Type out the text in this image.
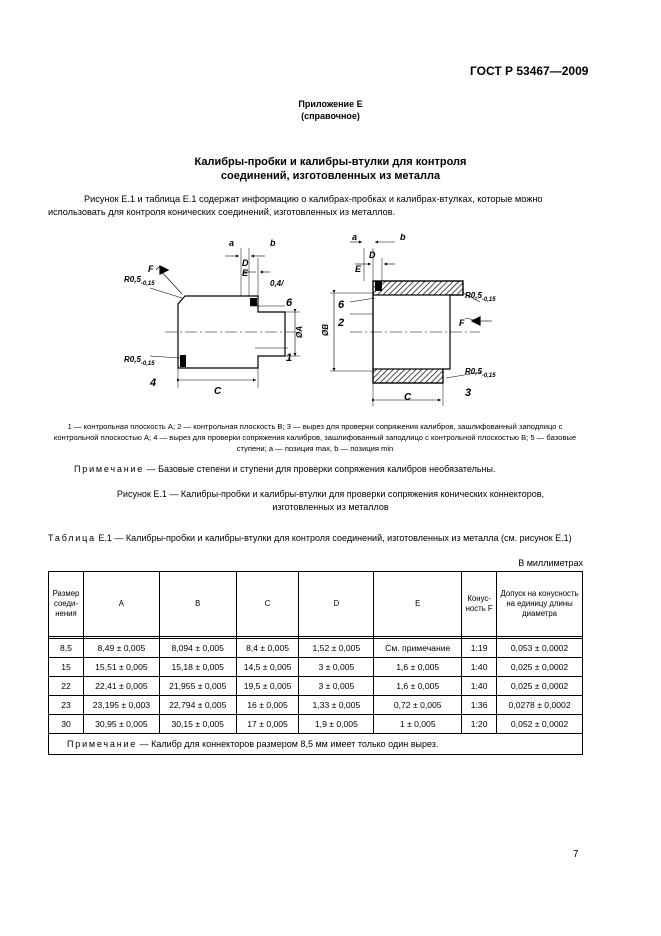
ГОСТ Р 53467—2009
Приложение Е
(справочное)
Калибры-пробки и калибры-втулки для контроля
соединений, изготовленных из металла
Рисунок Е.1 и таблица Е.1 содержат информацию о калибрах-пробках и калибрах-втулках, которые можно использовать для контроля конических соединений, изготовленных из металлов.
a	b
D
E
F
$R0,5_{-0,15}$
$R0,5_{-0,15}$
0,4/
6
1
4
C
ØA
a	b
D
E
6
2
ØB
$R0,5_{-0,15}$
$R0,5_{-0,15}$
F
3
C
1 — контрольная плоскость А; 2 — контрольная плоскость В; 3 — вырез для проверки сопряжения калибров, зашлифованный заподлицо с контрольной плоскостью А; 4 — вырез для проверки сопряжения калибров, зашлифованный заподлицо с контрольной плоскостью В; 5 — базовые ступени; а — позиция max, b — позиция min
Примечание — Базовые степени и ступени для проверки сопряжения калибров необязательны.
Рисунок Е.1 — Калибры-пробки и калибры-втулки для проверки сопряжения конических коннекторов,
изготовленных из металлов
Таблица Е.1 — Калибры-пробки и калибры-втулки для контроля соединений, изготовленных из металла (см. рисунок Е.1)
В миллиметрах
Размер соеди-нения	A	B	C	D	E	Конус-ность F	Допуск на конусность на единицу длины диаметра

8,5	8,49 ± 0,005	8,094 ± 0,005	8,4 ± 0,005	1,52 ± 0,005	См. примечание	1:19	0,053 ± 0,0002
15	15,51 ± 0,005	15,18 ± 0,005	14,5 ± 0,005	3 ± 0,005	1,6 ± 0,005	1:40	0,025 ± 0,0002
22	22,41 ± 0,005	21,955 ± 0,005	19,5 ± 0,005	3 ± 0,005	1,6 ± 0,005	1:40	0,025 ± 0,0002
23	23,195 ± 0,003	22,794 ± 0,005	16 ± 0,005	1,33 ± 0,005	0,72 ± 0,005	1:36	0,0278 ± 0,0002
30	30,95 ± 0,005	30,15 ± 0,005	17 ± 0,005	1,9 ± 0,005	1 ± 0,005	1:20	0,052 ± 0,0002
Примечание — Калибр для коннекторов размером 8,5 мм имеет только один вырез.							
7
